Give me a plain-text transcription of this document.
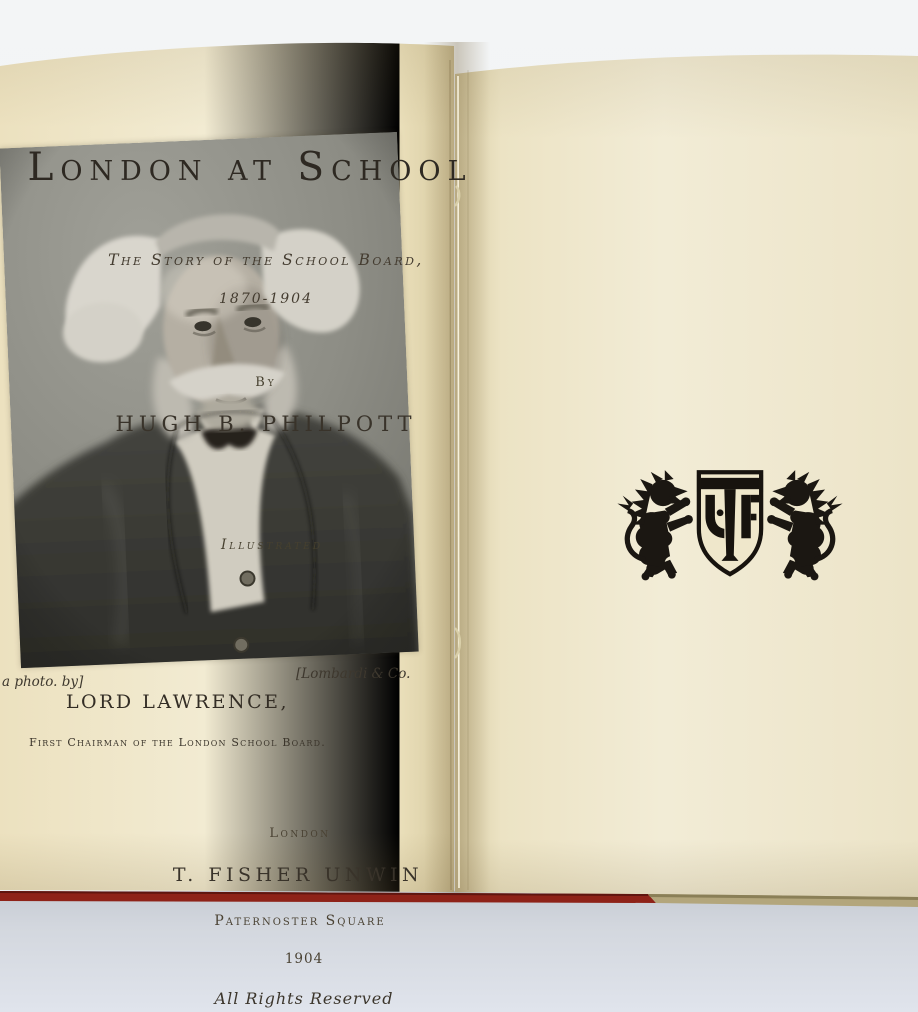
a photo. by]	[Lombardi & Co.
LORD LAWRENCE,
First Chairman of the London School Board.
London at School
The Story of the School Board,
1870-1904
By
HUGH B. PHILPOTT
Illustrated
London
T. FISHER UNWIN
Paternoster Square
1904
All Rights Reserved
